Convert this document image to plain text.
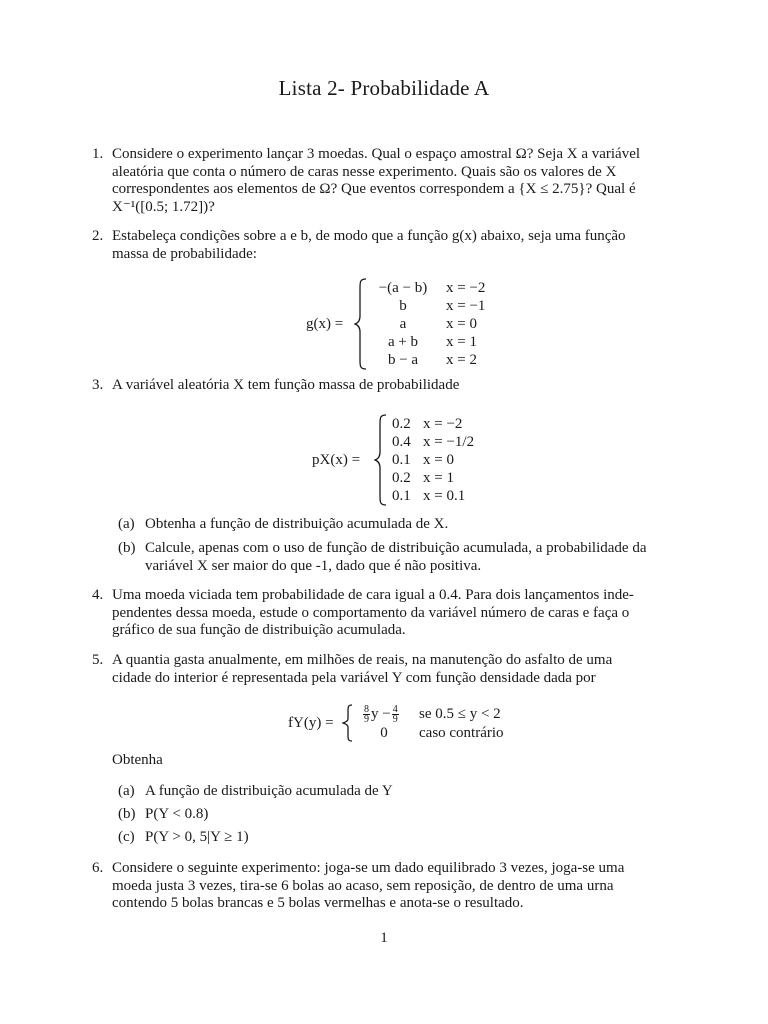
Lista 2- Probabilidade A
1. Considere o experimento lançar 3 moedas. Qual o espaço amostral Ω? Seja X a variável
aleatória que conta o número de caras nesse experimento. Quais são os valores de X
correspondentes aos elementos de Ω? Que eventos correspondem a {X ≤ 2.75}? Qual é
X⁻¹([0.5; 1.72])?
2. Estabeleça condições sobre a e b, de modo que a função g(x) abaixo, seja uma função
massa de probabilidade:
g(x) =
−(a − b)	x = −2
b	x = −1
a	x = 0
a + b	x = 1
b − a	x = 2
3. A variável aleatória X tem função massa de probabilidade
pX(x) =
0.2 x = −2
0.4 x = −1/2
0.1 x = 0
0.2 x = 1
0.1 x = 0.1
(a) Obtenha a função de distribuição acumulada de X.
(b) Calcule, apenas com o uso de função de distribuição acumulada, a probabilidade da
variável X ser maior do que -1, dado que é não positiva.
4. Uma moeda viciada tem probabilidade de cara igual a 0.4. Para dois lançamentos inde-
pendentes dessa moeda, estude o comportamento da variável número de caras e faça o
gráfico de sua função de distribuição acumulada.
5. A quantia gasta anualmente, em milhões de reais, na manutenção do asfalto de uma
cidade do interior é representada pela variável Y com função densidade dada por
fY(y) =	$\frac{8}{9}$ $y - \frac{4}{9}$ se 0.5 ≤ y < 2
0	caso contrário
Obtenha
(a) A função de distribuição acumulada de Y
(b) P(Y < 0.8)
(c) P(Y > 0, 5|Y ≥ 1)
6. Considere o seguinte experimento: joga-se um dado equilibrado 3 vezes, joga-se uma
moeda justa 3 vezes, tira-se 6 bolas ao acaso, sem reposição, de dentro de uma urna
contendo 5 bolas brancas e 5 bolas vermelhas e anota-se o resultado.
1
